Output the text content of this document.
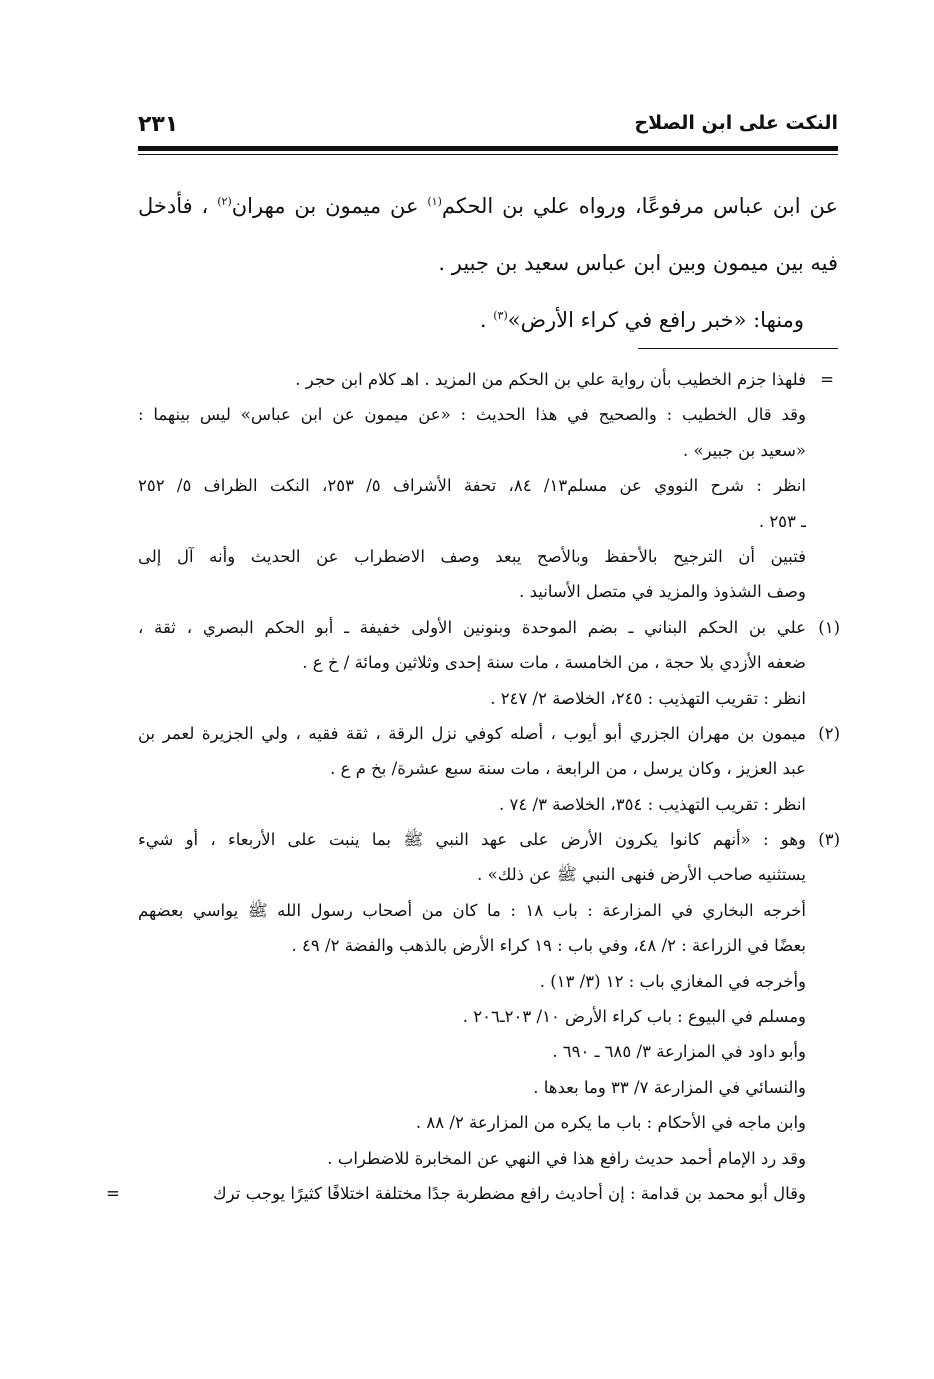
النكت على ابن الصلاح
٢٣١

عن ابن عباس مرفوعًا، ورواه علي بن الحكم$^{(١)}$ عن ميمون بن مهران$^{(٢)}$ ، فأدخل

فيه بين ميمون وبين ابن عباس سعيد بن جبير .

ومنها: «خبر رافع في كراء الأرض»$^{(٣)}$ .

=
فلهذا جزم الخطيب بأن رواية علي بن الحكم من المزيد . اهـ كلام ابن حجر .
وقد قال الخطيب : والصحيح في هذا الحديث : «عن ميمون عن ابن عباس» ليس بينهما :
«سعيد بن جبير» .
انظر : شرح النووي عن مسلم١٣/ ٨٤، تحفة الأشراف ٥/ ٢٥٣، النكت الظراف ٥/ ٢٥٢
ـ ٢٥٣ .
فتبين أن الترجيح بالأحفظ وبالأصح يبعد وصف الاضطراب عن الحديث وأنه آل إلى
وصف الشذوذ والمزيد في متصل الأسانيد .
(١)
علي بن الحكم البناني ـ بضم الموحدة وبنونين الأولى خفيفة ـ أبو الحكم البصري ، ثقة ،
ضعفه الأزدي بلا حجة ، من الخامسة ، مات سنة إحدى وثلاثين ومائة / خ ع .
انظر : تقريب التهذيب : ٢٤٥، الخلاصة ٢/ ٢٤٧ .
(٢)
ميمون بن مهران الجزري أبو أيوب ، أصله كوفي نزل الرقة ، ثقة فقيه ، ولي الجزيرة لعمر بن
عبد العزيز ، وكان يرسل ، من الرابعة ، مات سنة سبع عشرة/ بخ م ع .
انظر : تقريب التهذيب : ٣٥٤، الخلاصة ٣/ ٧٤ .
(٣)
وهو : «أنهم كانوا يكرون الأرض على عهد النبي ﷺ بما ينبت على الأربعاء ، أو شيء
يستثنيه صاحب الأرض فنهى النبي ﷺ عن ذلك» .
أخرجه البخاري في المزارعة : باب ١٨ : ما كان من أصحاب رسول الله ﷺ يواسي بعضهم
بعضًا في الزراعة : ٢/ ٤٨، وفي باب : ١٩ كراء الأرض بالذهب والفضة ٢/ ٤٩ .
وأخرجه في المغازي باب : ١٢ (٣/ ١٣) .
ومسلم في البيوع : باب كراء الأرض ١٠/ ٢٠٣ـ٢٠٦ .
وأبو داود في المزارعة ٣/ ٦٨٥ ـ ٦٩٠ .
والنسائي في المزارعة ٧/ ٣٣ وما بعدها .
وابن ماجه في الأحكام : باب ما يكره من المزارعة ٢/ ٨٨ .
وقد رد الإمام أحمد حديث رافع هذا في النهي عن المخابرة للاضطراب .
وقال أبو محمد بن قدامة : إن أحاديث رافع مضطربة جدًا مختلفة اختلافًا كثيرًا يوجب ترك
=
